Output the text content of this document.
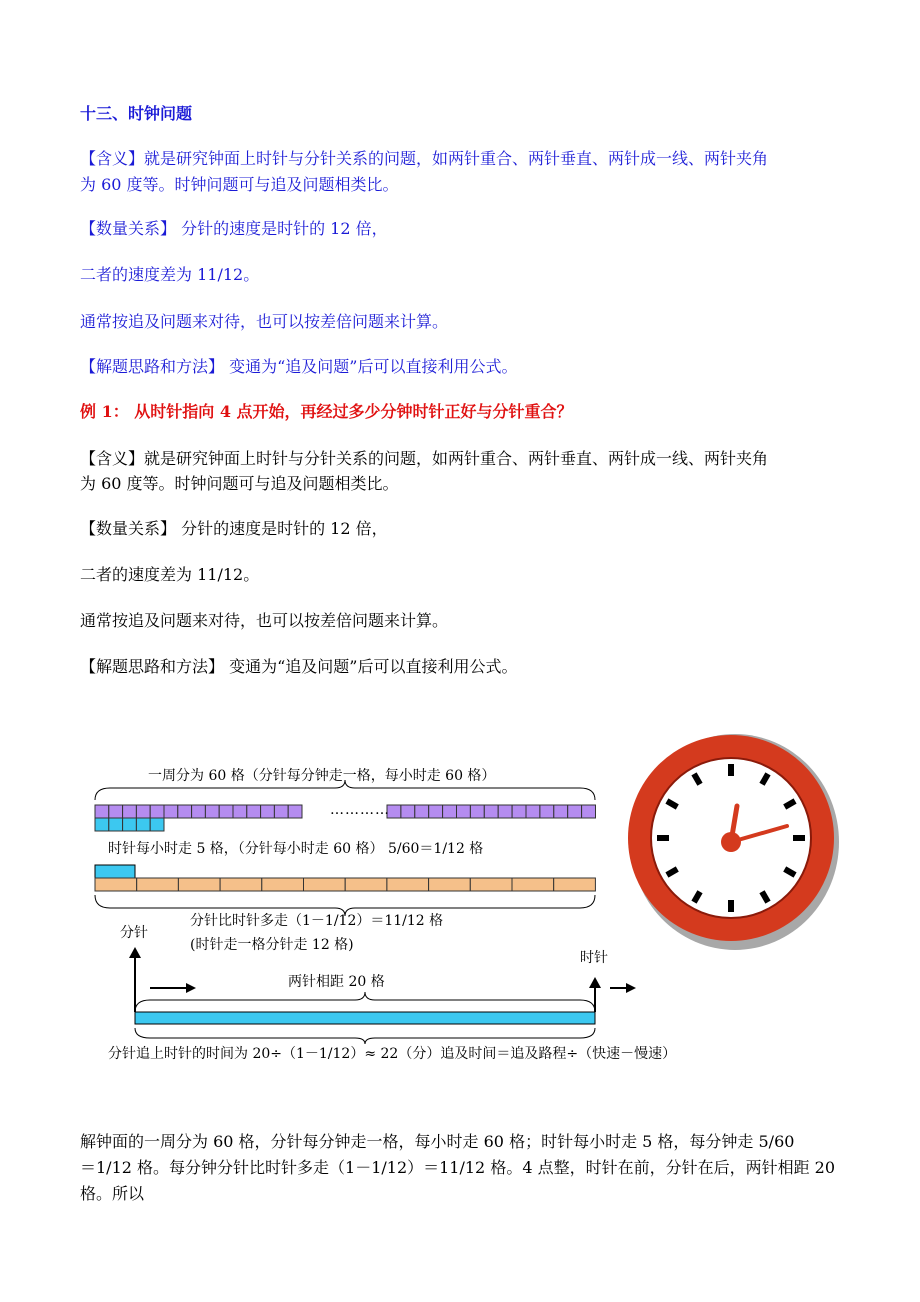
十三、时钟问题

【含义】就是研究钟面上时针与分针关系的问题，如两针重合、两针垂直、两针成一线、两针夹角

为 60 度等。时钟问题可与追及问题相类比。

【数量关系】 分针的速度是时针的 12 倍，

二者的速度差为 11/12。

通常按追及问题来对待，也可以按差倍问题来计算。

【解题思路和方法】 变通为“追及问题”后可以直接利用公式。

例 1： 从时针指向 4 点开始，再经过多少分钟时针正好与分针重合？

【含义】就是研究钟面上时针与分针关系的问题，如两针重合、两针垂直、两针成一线、两针夹角

为 60 度等。时钟问题可与追及问题相类比。

【数量关系】 分针的速度是时针的 12 倍，

二者的速度差为 11/12。

通常按追及问题来对待，也可以按差倍问题来计算。

【解题思路和方法】 变通为“追及问题”后可以直接利用公式。

一周分为 60 格（分针每分钟走一格，每小时走 60 格）
…………
时针每小时走 5 格，（分针每小时走 60 格） 5/60＝1/12 格
分针比时针多走（1－1/12）＝11/12 格
(时针走一格分针走 12 格)
分针
时针
两针相距 20 格
分针追上时针的时间为 20÷（1－1/12）≈ 22（分）追及时间＝追及路程÷（快速－慢速）

解钟面的一周分为 60 格，分针每分钟走一格，每小时走 60 格；时针每小时走 5 格，每分钟走 5/60

＝1/12 格。每分钟分针比时针多走（1－1/12）＝11/12 格。4 点整，时针在前，分针在后，两针相距 20

格。所以
